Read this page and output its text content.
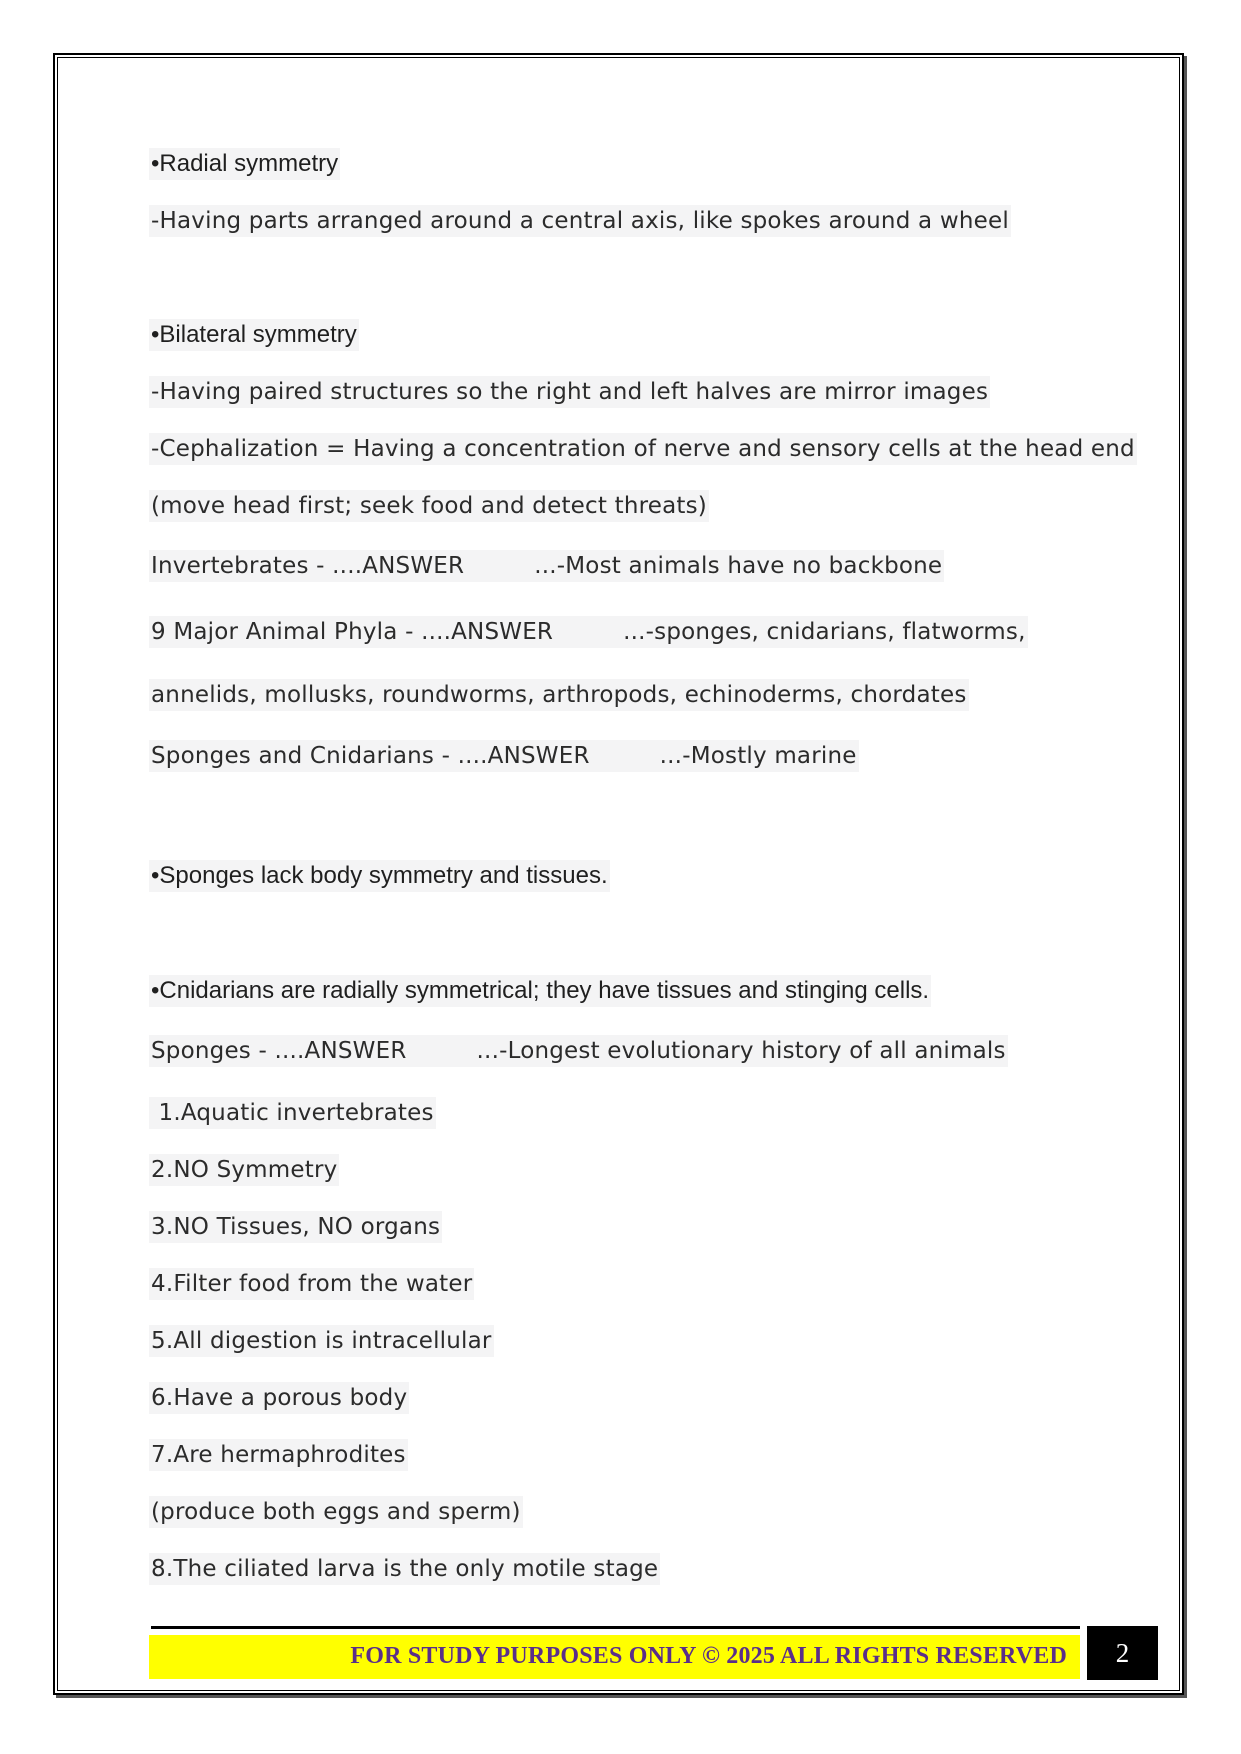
•Radial symmetry
-Having parts arranged around a central axis, like spokes around a wheel
•Bilateral symmetry
-Having paired structures so the right and left halves are mirror images
-Cephalization = Having a concentration of nerve and sensory cells at the head end
(move head first; seek food and detect threats)
Invertebrates - ....ANSWER	...-Most animals have no backbone
9 Major Animal Phyla - ....ANSWER	...-sponges, cnidarians, flatworms,
annelids, mollusks, roundworms, arthropods, echinoderms, chordates
Sponges and Cnidarians - ....ANSWER	...-Mostly marine
•Sponges lack body symmetry and tissues.
•Cnidarians are radially symmetrical; they have tissues and stinging cells.
Sponges - ....ANSWER	...-Longest evolutionary history of all animals
1.Aquatic invertebrates
2.NO Symmetry
3.NO Tissues, NO organs
4.Filter food from the water
5.All digestion is intracellular
6.Have a porous body
7.Are hermaphrodites
(produce both eggs and sperm)
8.The ciliated larva is the only motile stage
FOR STUDY PURPOSES ONLY © 2025 ALL RIGHTS RESERVED	2
